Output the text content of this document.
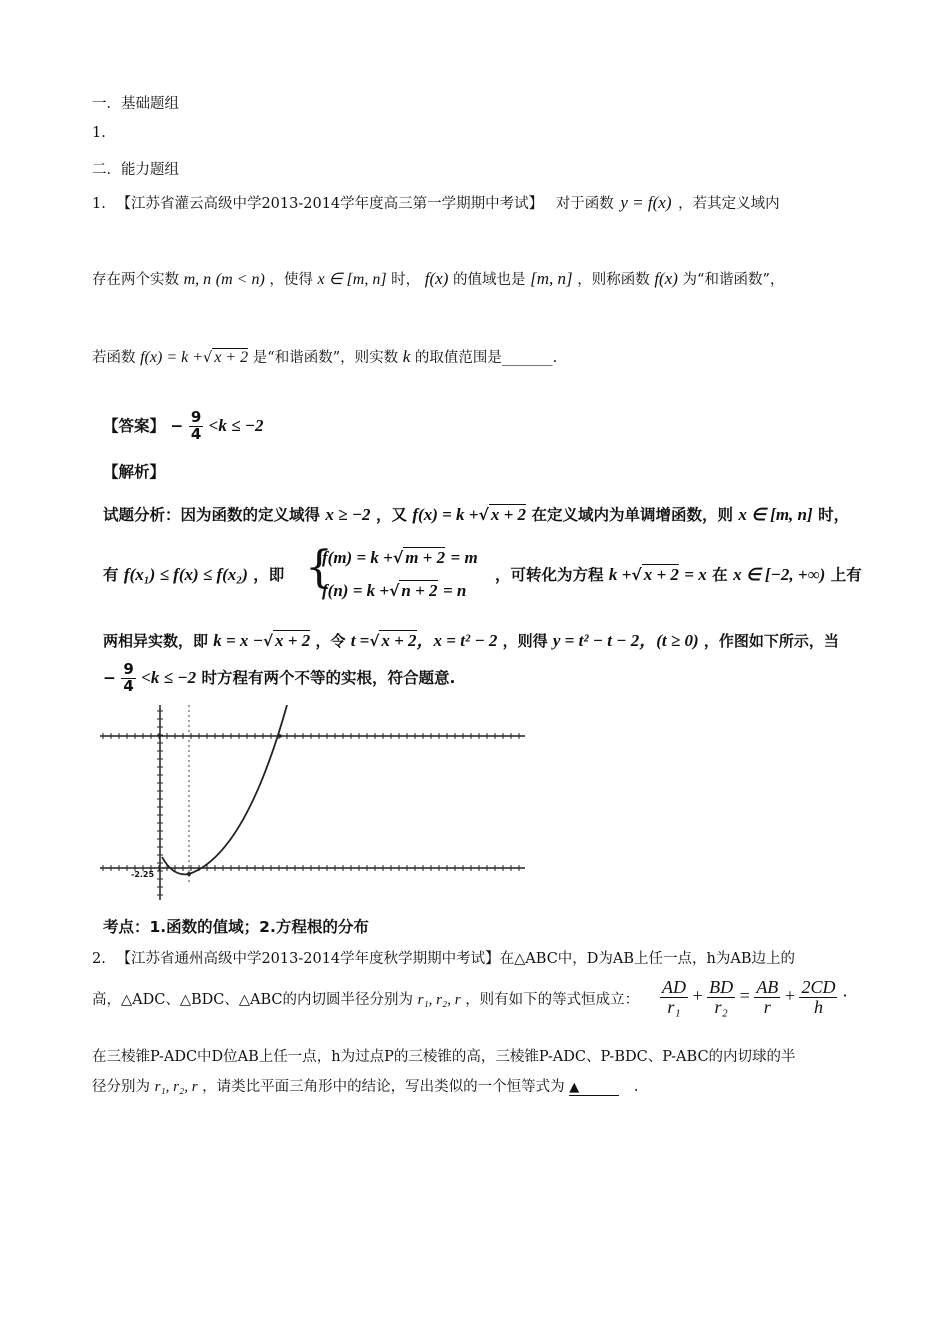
一．基础题组
1.
二．能力题组
1. 【江苏省灌云高级中学2013-2014学年度高三第一学期期中考试】 对于函数 y = f(x) ，若其定义域内
存在两个实数 m, n (m < n) ，使得 x ∈ [m, n] 时， f(x) 的值域也是 [m, n] ，则称函数 f(x) 为“和谐函数”，
若函数 f(x) = k +√ x + 2 是“和谐函数”，则实数 k 的取值范围是_______.
【答案】 − $\frac{9}{4} <k \le -2$
【解析】
试题分析：因为函数的定义域得 x ≥ −2 ，又 f(x) = k +√ x + 2 在定义域内为单调增函数，则 x ∈ [m, n] 时，
有 f(x₁) ≤ f(x) ≤ f(x₂) ，即 {
f(m) = k +√ m + 2 = m
f(n) = k +√ n + 2 = n
，可转化为方程 k +√ x + 2 = x 在 x ∈ [−2, +∞) 上有
两相异实数，即 k = x −√ x + 2 ，令 t =√ x + 2，x = t² − 2 ，则得 y = t² − t − 2，(t ≥ 0) ，作图如下所示，当
− $\frac{9}{4} <k \le -2$ 时方程有两个不等的实根，符合题意.
-2.25
考点：1.函数的值域；2.方程根的分布
2. 【江苏省通州高级中学2013-2014学年度秋学期期中考试】在△ABC中，D为AB上任一点，h为AB边上的
高，△ADC、△BDC、△ABC的内切圆半径分别为 r₁, r₂, r ，则有如下的等式恒成立： $\frac{AD}{\text{r₁}} + \frac{BD}{\text{r₂}} = \frac{AB}{r} + \frac{2CD}{h}$ ·
在三棱锥P-ADC中D位AB上任一点，h为过点P的三棱锥的高，三棱锥P-ADC、P-BDC、P-ABC的内切球的半
径分别为 r₁, r₂, r ，请类比平面三角形中的结论，写出类似的一个恒等式为 ▲	.
